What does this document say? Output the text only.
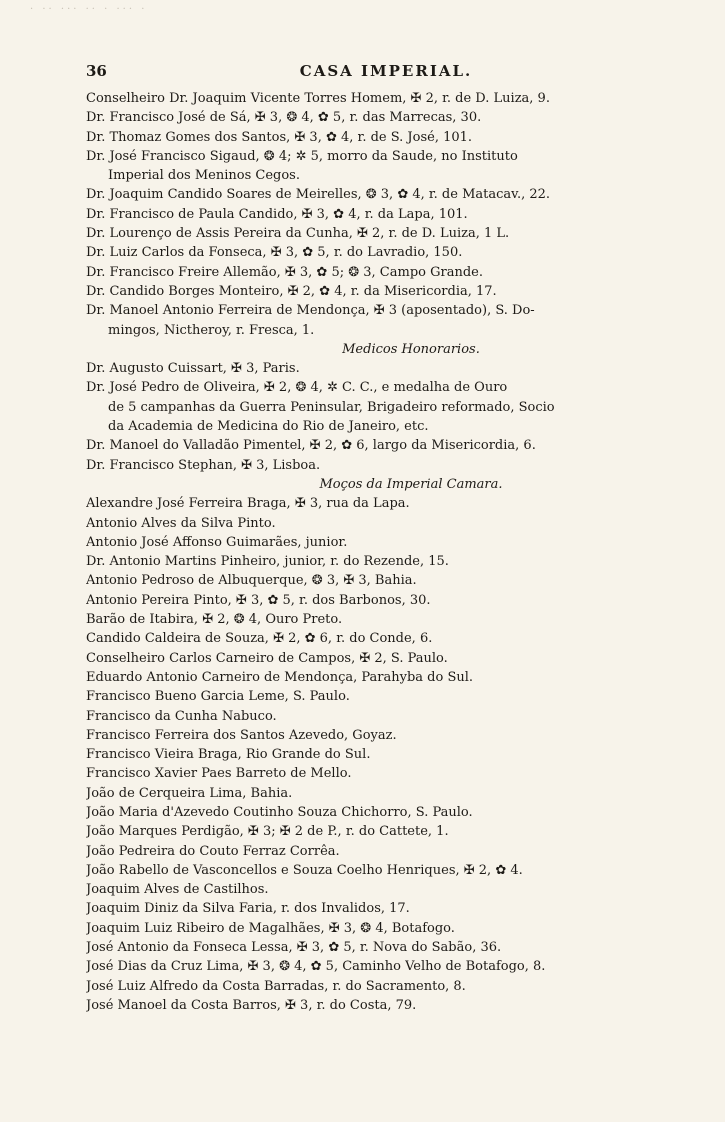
· ·· ··· ·· · ··· ·
36	CASA IMPERIAL.
Conselheiro Dr. Joaquim Vicente Torres Homem, ✠ 2, r. de D. Luiza, 9.
Dr. Francisco José de Sá, ✠ 3, ❂ 4, ✿ 5, r. das Marrecas, 30.
Dr. Thomaz Gomes dos Santos, ✠ 3, ✿ 4, r. de S. José, 101.
Dr. José Francisco Sigaud, ❂ 4; ✲ 5, morro da Saude, no Instituto
Imperial dos Meninos Cegos.
Dr. Joaquim Candido Soares de Meirelles, ❂ 3, ✿ 4, r. de Matacav., 22.
Dr. Francisco de Paula Candido, ✠ 3, ✿ 4, r. da Lapa, 101.
Dr. Lourenço de Assis Pereira da Cunha, ✠ 2, r. de D. Luiza, 1 L.
Dr. Luiz Carlos da Fonseca, ✠ 3, ✿ 5, r. do Lavradio, 150.
Dr. Francisco Freire Allemão, ✠ 3, ✿ 5; ❂ 3, Campo Grande.
Dr. Candido Borges Monteiro, ✠ 2, ✿ 4, r. da Misericordia, 17.
Dr. Manoel Antonio Ferreira de Mendonça, ✠ 3 (aposentado), S. Do-
mingos, Nictheroy, r. Fresca, 1.
Medicos Honorarios.
Dr. Augusto Cuissart, ✠ 3, Paris.
Dr. José Pedro de Oliveira, ✠ 2, ❂ 4, ✲ C. C., e medalha de Ouro
de 5 campanhas da Guerra Peninsular, Brigadeiro reformado, Socio
da Academia de Medicina do Rio de Janeiro, etc.
Dr. Manoel do Valladão Pimentel, ✠ 2, ✿ 6, largo da Misericordia, 6.
Dr. Francisco Stephan, ✠ 3, Lisboa.
Moços da Imperial Camara.
Alexandre José Ferreira Braga, ✠ 3, rua da Lapa.
Antonio Alves da Silva Pinto.
Antonio José Affonso Guimarães, junior.
Dr. Antonio Martins Pinheiro, junior, r. do Rezende, 15.
Antonio Pedroso de Albuquerque, ❂ 3, ✠ 3, Bahia.
Antonio Pereira Pinto, ✠ 3, ✿ 5, r. dos Barbonos, 30.
Barão de Itabira, ✠ 2, ❂ 4, Ouro Preto.
Candido Caldeira de Souza, ✠ 2, ✿ 6, r. do Conde, 6.
Conselheiro Carlos Carneiro de Campos, ✠ 2, S. Paulo.
Eduardo Antonio Carneiro de Mendonça, Parahyba do Sul.
Francisco Bueno Garcia Leme, S. Paulo.
Francisco da Cunha Nabuco.
Francisco Ferreira dos Santos Azevedo, Goyaz.
Francisco Vieira Braga, Rio Grande do Sul.
Francisco Xavier Paes Barreto de Mello.
João de Cerqueira Lima, Bahia.
João Maria d'Azevedo Coutinho Souza Chichorro, S. Paulo.
João Marques Perdigão, ✠ 3; ✠ 2 de P., r. do Cattete, 1.
João Pedreira do Couto Ferraz Corrêa.
João Rabello de Vasconcellos e Souza Coelho Henriques, ✠ 2, ✿ 4.
Joaquim Alves de Castilhos.
Joaquim Diniz da Silva Faria, r. dos Invalidos, 17.
Joaquim Luiz Ribeiro de Magalhães, ✠ 3, ❂ 4, Botafogo.
José Antonio da Fonseca Lessa, ✠ 3, ✿ 5, r. Nova do Sabão, 36.
José Dias da Cruz Lima, ✠ 3, ❂ 4, ✿ 5, Caminho Velho de Botafogo, 8.
José Luiz Alfredo da Costa Barradas, r. do Sacramento, 8.
José Manoel da Costa Barros, ✠ 3, r. do Costa, 79.
